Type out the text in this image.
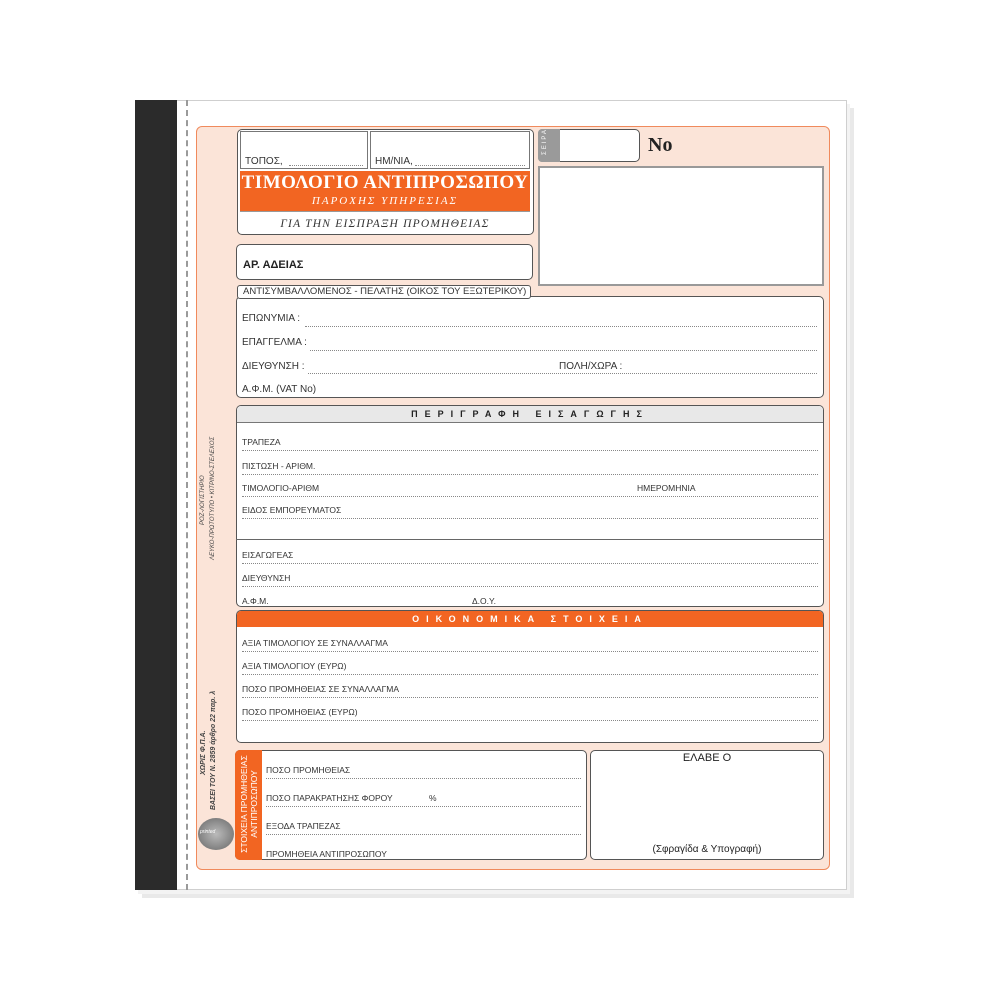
ΡΟΖ-ΛΟΓΙΣΤΗΡΙΟ ΛΕΥΚΟ-ΠΡΩΤΟΤΥΠΟ • ΚΙΤΡΙΝΟ-ΣΤΕΛΕΧΟΣ
ΧΩΡΙΣ Φ.Π.Α. ΒΑΣΕΙ ΤΟΥ Ν. 2859 άρθρο 22 παρ. λ
printed
ΤΟΠΟΣ,	ΗΜ/ΝΙΑ,
ΤΙΜΟΛΟΓΙΟ ΑΝΤΙΠΡΟΣΩΠΟΥ
ΠΑΡΟΧΗΣ ΥΠΗΡΕΣΙΑΣ
ΓΙΑ ΤΗΝ ΕΙΣΠΡΑΞΗ ΠΡΟΜΗΘΕΙΑΣ
ΣΕΙΡΑ	No
ΑΡ. ΑΔΕΙΑΣ
ΑΝΤΙΣΥΜΒΑΛΛΟΜΕΝΟΣ - ΠΕΛΑΤΗΣ (ΟΙΚΟΣ ΤΟΥ ΕΞΩΤΕΡΙΚΟΥ)
ΕΠΩΝΥΜΙΑ :
ΕΠΑΓΓΕΛΜΑ :
ΔΙΕΥΘΥΝΣΗ :	ΠΟΛΗ/ΧΩΡΑ :
Α.Φ.Μ. (VAT No)
ΠΕΡΙΓΡΑΦΗ ΕΙΣΑΓΩΓΗΣ
ΤΡΑΠΕΖΑ
ΠΙΣΤΩΣΗ - ΑΡΙΘΜ.
ΤΙΜΟΛΟΓΙΟ-ΑΡΙΘΜ	ΗΜΕΡΟΜΗΝΙΑ
ΕΙΔΟΣ ΕΜΠΟΡΕΥΜΑΤΟΣ
ΕΙΣΑΓΩΓΕΑΣ
ΔΙΕΥΘΥΝΣΗ
Α.Φ.Μ.	Δ.Ο.Υ.
ΟΙΚΟΝΟΜΙΚΑ ΣΤΟΙΧΕΙΑ
ΑΞΙΑ ΤΙΜΟΛΟΓΙΟΥ ΣΕ ΣΥΝΑΛΛΑΓΜΑ
ΑΞΙΑ ΤΙΜΟΛΟΓΙΟΥ (ΕΥΡΩ)
ΠΟΣΟ ΠΡΟΜΗΘΕΙΑΣ ΣΕ ΣΥΝΑΛΛΑΓΜΑ
ΠΟΣΟ ΠΡΟΜΗΘΕΙΑΣ (ΕΥΡΩ)
ΣΤΟΙΧΕΙΑ ΠΡΟΜΗΘΕΙΑΣ ΑΝΤΙΠΡΟΣΩΠΟΥ
ΠΟΣΟ ΠΡΟΜΗΘΕΙΑΣ
ΠΟΣΟ ΠΑΡΑΚΡΑΤΗΣΗΣ ΦΟΡΟΥ	%
ΕΞΟΔΑ ΤΡΑΠΕΖΑΣ
ΠΡΟΜΗΘΕΙΑ ΑΝΤΙΠΡΟΣΩΠΟΥ
ΕΛΑΒΕ Ο
(Σφραγίδα & Υπογραφή)
